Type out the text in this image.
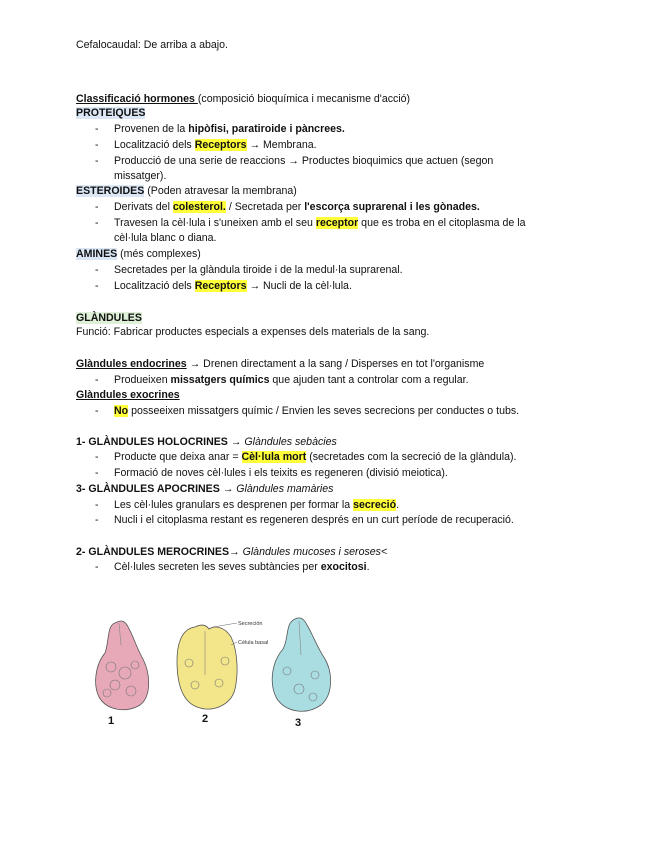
Cefalocaudal: De arriba a abajo.
Classificació hormones (composició bioquímica i mecanisme d'acció)
PROTEIQUES
- Provenen de la hipòfisi, paratiroide i pàncrees.
- Localització dels Receptors → Membrana.
- Producció de una serie de reaccions → Productes bioquimics que actuen (segon
missatger).
ESTEROIDES (Poden atravesar la membrana)
- Derivats del colesterol. / Secretada per l'escorça suprarenal i les gònades.
- Travesen la cèl·lula i s'uneixen amb el seu receptor que es troba en el citoplasma de la
cèl·lula blanc o diana.
AMINES (més complexes)
- Secretades per la glàndula tiroide i de la medul·la suprarenal.
- Localització dels Receptors → Nucli de la cèl·lula.
GLÀNDULES
Funció: Fabricar productes especials a expenses dels materials de la sang.
Glàndules endocrines → Drenen directament a la sang / Disperses en tot l'organisme
- Produeixen missatgers químics que ajuden tant a controlar com a regular.
Glàndules exocrines
- No posseeixen missatgers químic / Envien les seves secrecions per conductes o tubs.
1- GLÀNDULES HOLOCRINES → Glàndules sebàcies
- Producte que deixa anar = Cèl·lula mort (secretades com la secreció de la glàndula).
- Formació de noves cèl·lules i els teixits es regeneren (divisió meiotica).
3- GLÀNDULES APOCRINES → Glàndules mamàries
- Les cèl·lules granulars es desprenen per formar la secreció.
- Nucli i el citoplasma restant es regeneren després en un curt període de recuperació.
2- GLÀNDULES MEROCRINES→ Glàndules mucoses i seroses<
- Cèl·lules secreten les seves subtàncies per exocitosi.
Secreción
Célula basal
1	2	3
